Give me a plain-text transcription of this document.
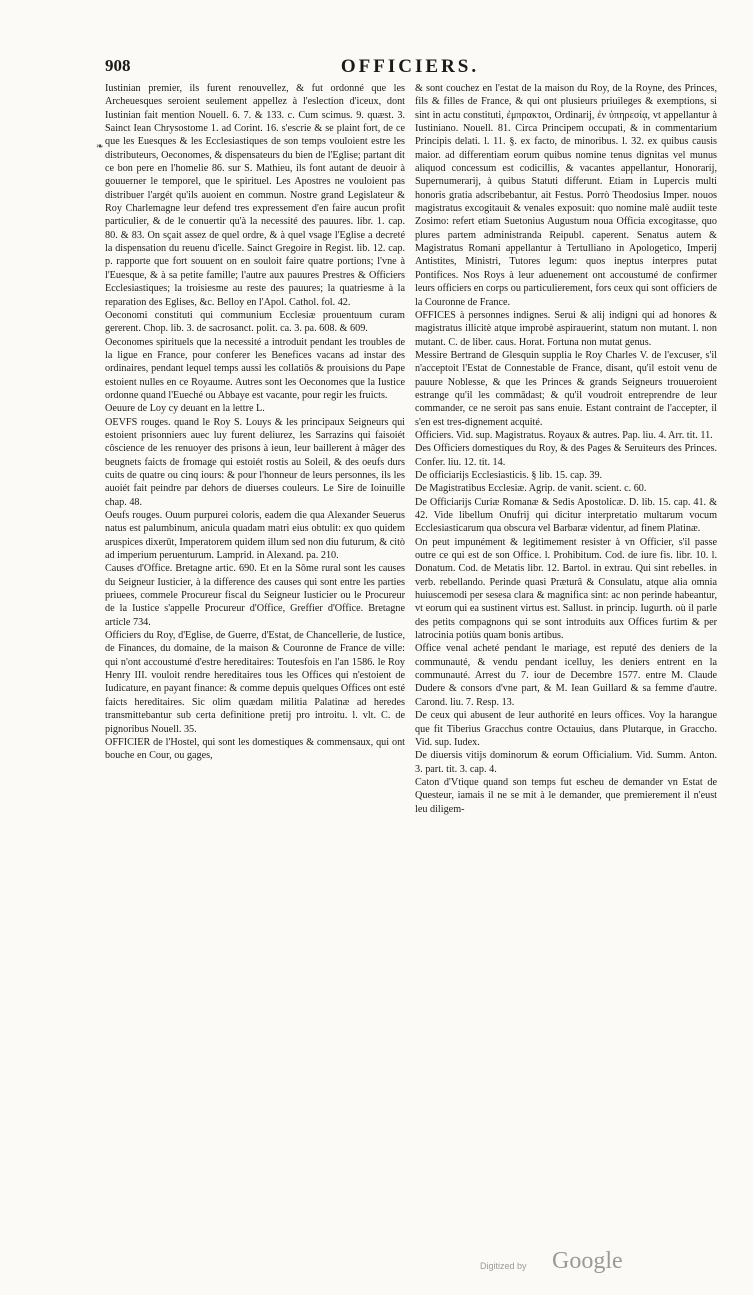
908	OFFICIERS.
❧

Iustinian premier, ils furent renouvellez, & fut ordonné que les Archeuesques seroient seulement appellez à l'eslection d'iceux, dont Iustinian fait mention Nouell. 6. 7. & 133. c. Cum scimus. 9. quæst. 3. Sainct Iean Chrysostome 1. ad Corint. 16. s'escrie & se plaint fort, de ce que les Euesques & les Ecclesiastiques de son temps vouloient estre les distributeurs, Oeconomes, & dispensateurs du bien de l'Eglise; partant dit ce bon pere en l'homelie 86. sur S. Mathieu, ils font autant de deuoir à gouuerner le temporel, que le spirituel. Les Apostres ne vouloient pas distribuer l'argét qu'ils auoient en commun. Nostre grand Legislateur & Roy Charlemagne leur defend tres expressement d'en faire aucun profit particulier, & de le conuertir qu'à la necessité des pauures. libr. 1. cap. 80. & 83. On sçait assez de quel ordre, & à quel vsage l'Eglise a decreté la dispensation du reuenu d'icelle. Sainct Gregoire in Regist. lib. 12. cap. p. rapporte que fort souuent on en souloit faire quatre portions; l'vne à l'Euesque, & à sa petite famille; l'autre aux pauures Prestres & Officiers Ecclesiastiques; la troisiesme au reste des pauures; la quatriesme à la reparation des Eglises, &c. Belloy en l'Apol. Cathol. fol. 42.

Oeconomi constituti qui communium Ecclesiæ prouentuum curam gererent. Chop. lib. 3. de sacrosanct. polit. ca. 3. pa. 608. & 609.

Oeconomes spirituels que la necessité a introduit pendant les troubles de la ligue en France, pour conferer les Benefices vacans ad instar des ordinaires, pendant lequel temps aussi les collatiōs & prouisions du Pape estoient nulles en ce Royaume. Autres sont les Oeconomes que la Iustice ordonne quand l'Eueché ou Abbaye est vacante, pour regir les fruicts.

Oeuure de Loy cy deuant en la lettre L.

OEVFS rouges. quand le Roy S. Louys & les principaux Seigneurs qui estoient prisonniers auec luy furent deliurez, les Sarrazins qui faisoiét côscience de les renuoyer des prisons à ieun, leur baillerent à mâger des beugnets faicts de fromage qui estoiét rostis au Soleil, & des oeufs durs cuits de quatre ou cinq iours: & pour l'honneur de leurs personnes, ils les auoiét fait peindre par dehors de diuerses couleurs. Le Sire de Ioinuille chap. 48.

Oeufs rouges. Ouum purpurei coloris, eadem die qua Alexander Seuerus natus est palumbinum, anicula quadam matri eius obtulit: ex quo quidem aruspices dixerūt, Imperatorem quidem illum sed non diu futurum, & citò ad imperium peruenturum. Lamprid. in Alexand. pa. 210.

Causes d'Office. Bretagne artic. 690. Et en la Sôme rural sont les causes du Seigneur Iusticier, à la difference des causes qui sont entre les parties priuees, commele Procureur fiscal du Seigneur Iusticier ou le Procureur de la Iustice s'appelle Procureur d'Office, Greffier d'Office. Bretagne article 734.

Officiers du Roy, d'Eglise, de Guerre, d'Estat, de Chancellerie, de Iustice, de Finances, du domaine, de la maison & Couronne de France de ville: qui n'ont accoustumé d'estre hereditaires: Toutesfois en l'an 1586. le Roy Henry III. vouloit rendre hereditaires tous les Offices qui n'estoient de Iudicature, en payant finance: & comme depuis quelques Offices ont esté faicts hereditaires. Sic olim quædam militia Palatinæ ad heredes transmittebantur sub certa definitione pretij pro introitu. l. vlt. C. de pignoribus Nouell. 35.

OFFICIER de l'Hostel, qui sont les domestiques & commensaux, qui ont bouche en Cour, ou gages,

& sont couchez en l'estat de la maison du Roy, de la Royne, des Princes, fils & filles de France, & qui ont plusieurs priuileges & exemptions, si sint in actu constituti, ἐμπρακτοι, Ordinarij, ἐν ὑπηρεσίᾳ, vt appellantur à Iustiniano. Nouell. 81. Circa Principem occupati, & in commentarium Principis delati. l. 11. §. ex facto, de minoribus. l. 32. ex quibus causis maior. ad differentiam eorum quibus nomine tenus dignitas vel munus aliquod concessum est codicillis, & vacantes appellantur, Honorarij, Supernumerarij, à quibus Statuti differunt. Etiam in Lupercis multi honoris gratia adscribebantur, ait Festus. Porrò Theodosius Imper. nouos magistratus excogitauit & venales exposuit: quo nomine malè audiit teste Zosimo: refert etiam Suetonius Augustum noua Officia excogitasse, quo plures partem administranda Reipubl. caperent. Senatus autem & Magistratus Romani appellantur à Tertulliano in Apologetico, Imperij Antistites, Ministri, Tutores legum: quos ineptus interpres putat Pontifices. Nos Roys à leur aduenement ont accoustumé de confirmer leurs officiers en corps ou particulierement, fors ceux qui sont officiers de la Couronne de France.

OFFICES à personnes indignes. Serui & alij indigni qui ad honores & magistratus illicitè atque improbè aspirauerint, statum non mutant. l. non mutant. C. de liber. caus. Horat. Fortuna non mutat genus.

Messire Bertrand de Glesquin supplia le Roy Charles V. de l'excuser, s'il n'acceptoit l'Estat de Connestable de France, disant, qu'il estoit venu de pauure Noblesse, & que les Princes & grands Seigneurs trouueroient estrange qu'il les commādast; & qu'il voudroit entreprendre de leur commander, ce ne seroit pas sans enuie. Estant contraint de l'accepter, il s'en est tres-dignement acquité.

Officiers. Vid. sup. Magistratus. Royaux & autres. Pap. liu. 4. Arr. tit. 11.

Des Officiers domestiques du Roy, & des Pages & Seruiteurs des Princes. Confer. liu. 12. tit. 14.

De officiarijs Ecclesiasticis. § lib. 15. cap. 39.

De Magistratibus Ecclesiæ. Agrip. de vanit. scient. c. 60.

De Officiarijs Curiæ Romanæ & Sedis Apostolicæ. D. lib. 15. cap. 41. & 42. Vide libellum Onufrij qui dicitur interpretatio multarum vocum Ecclesiasticarum qua obscura vel Barbaræ videntur, ad finem Platinæ.

On peut impunément & legitimement resister à vn Officier, s'il passe outre ce qui est de son Office. l. Prohibitum. Cod. de iure fis. libr. 10. l. Donatum. Cod. de Metatis libr. 12. Bartol. in extrau. Qui sint rebelles. in verb. rebellando. Perinde quasi Præturâ & Consulatu, atque alia omnia huiuscemodi per sesesa clara & magnifica sint: ac non perinde habeantur, vt eorum qui ea sustinent virtus est. Sallust. in princip. Iugurth. où il parle des petits compagnons qui se sont introduits aux Offices furtim & per latrocinia potiùs quam bonis artibus.

Office venal acheté pendant le mariage, est reputé des deniers de la communauté, & vendu pendant icelluy, les deniers entrent en la communauté. Arrest du 7. iour de Decembre 1577. entre M. Claude Dudere & consors d'vne part, & M. Iean Guillard & sa femme d'autre. Carond. liu. 7. Resp. 13.

De ceux qui abusent de leur authorité en leurs offices. Voy la harangue que fit Tiberius Gracchus contre Octauius, dans Plutarque, in Graccho. Vid. sup. Iudex.

De diuersis vitijs dominorum & eorum Officialium. Vid. Summ. Anton. 3. part. tit. 3. cap. 4.

Caton d'Vtique quand son temps fut escheu de demander vn Estat de Questeur, iamais il ne se mit à le demander, que premierement il n'eust leu diligem-

Digitized by Google
